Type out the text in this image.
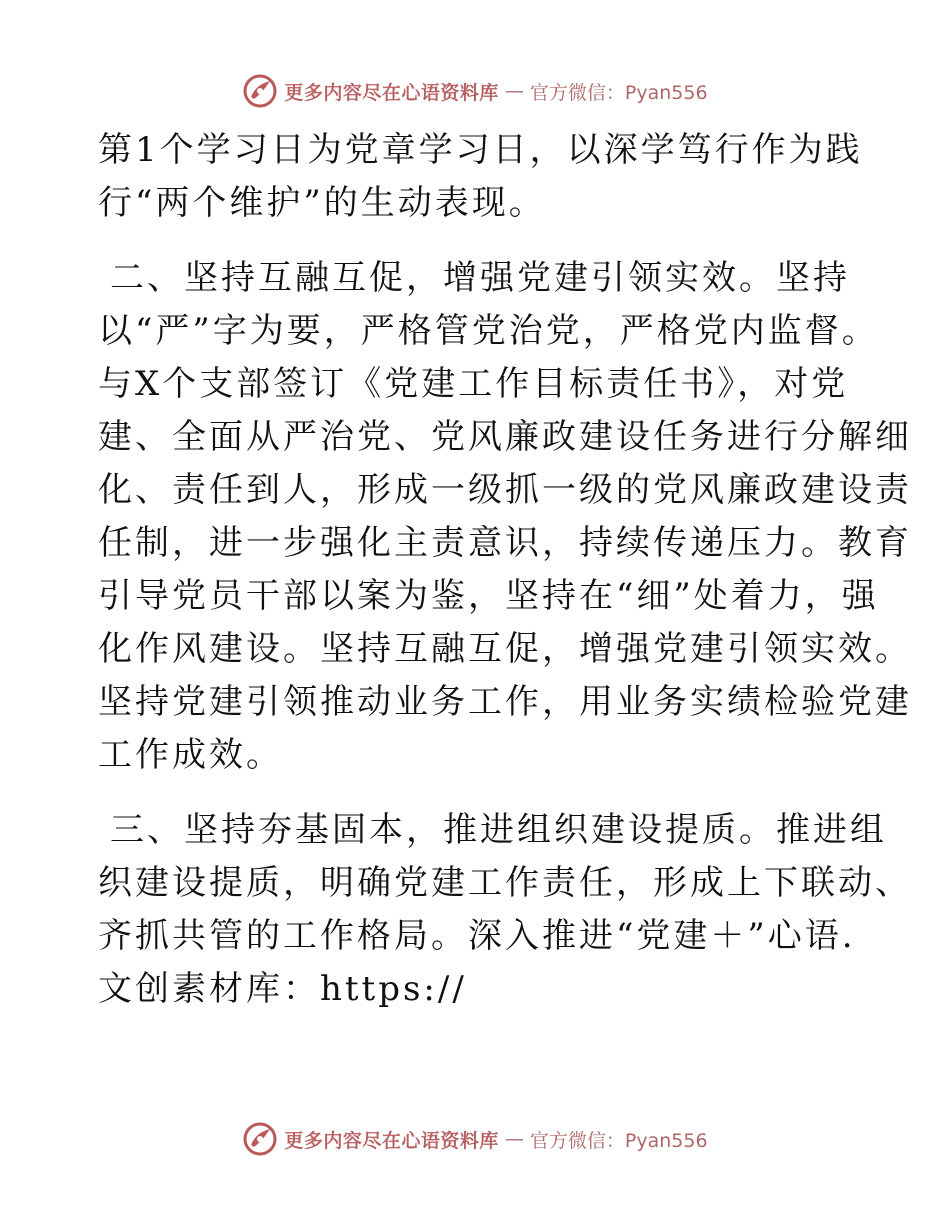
更多内容尽在心语资料库 — 官方微信：Pyan556

第1个学习日为党章学习日，以深学笃行作为践
行“两个维护”的生动表现。

二、坚持互融互促，增强党建引领实效。坚持
以“严”字为要，严格管党治党，严格党内监督。
与X个支部签订《党建工作目标责任书》，对党
建、全面从严治党、党风廉政建设任务进行分解细
化、责任到人，形成一级抓一级的党风廉政建设责
任制，进一步强化主责意识，持续传递压力。教育
引导党员干部以案为鉴，坚持在“细”处着力，强
化作风建设。坚持互融互促，增强党建引领实效。
坚持党建引领推动业务工作，用业务实绩检验党建
工作成效。

三、坚持夯基固本，推进组织建设提质。推进组
织建设提质，明确党建工作责任，形成上下联动、
齐抓共管的工作格局。深入推进“党建＋”心语.
文创素材库：https://

更多内容尽在心语资料库 — 官方微信：Pyan556
